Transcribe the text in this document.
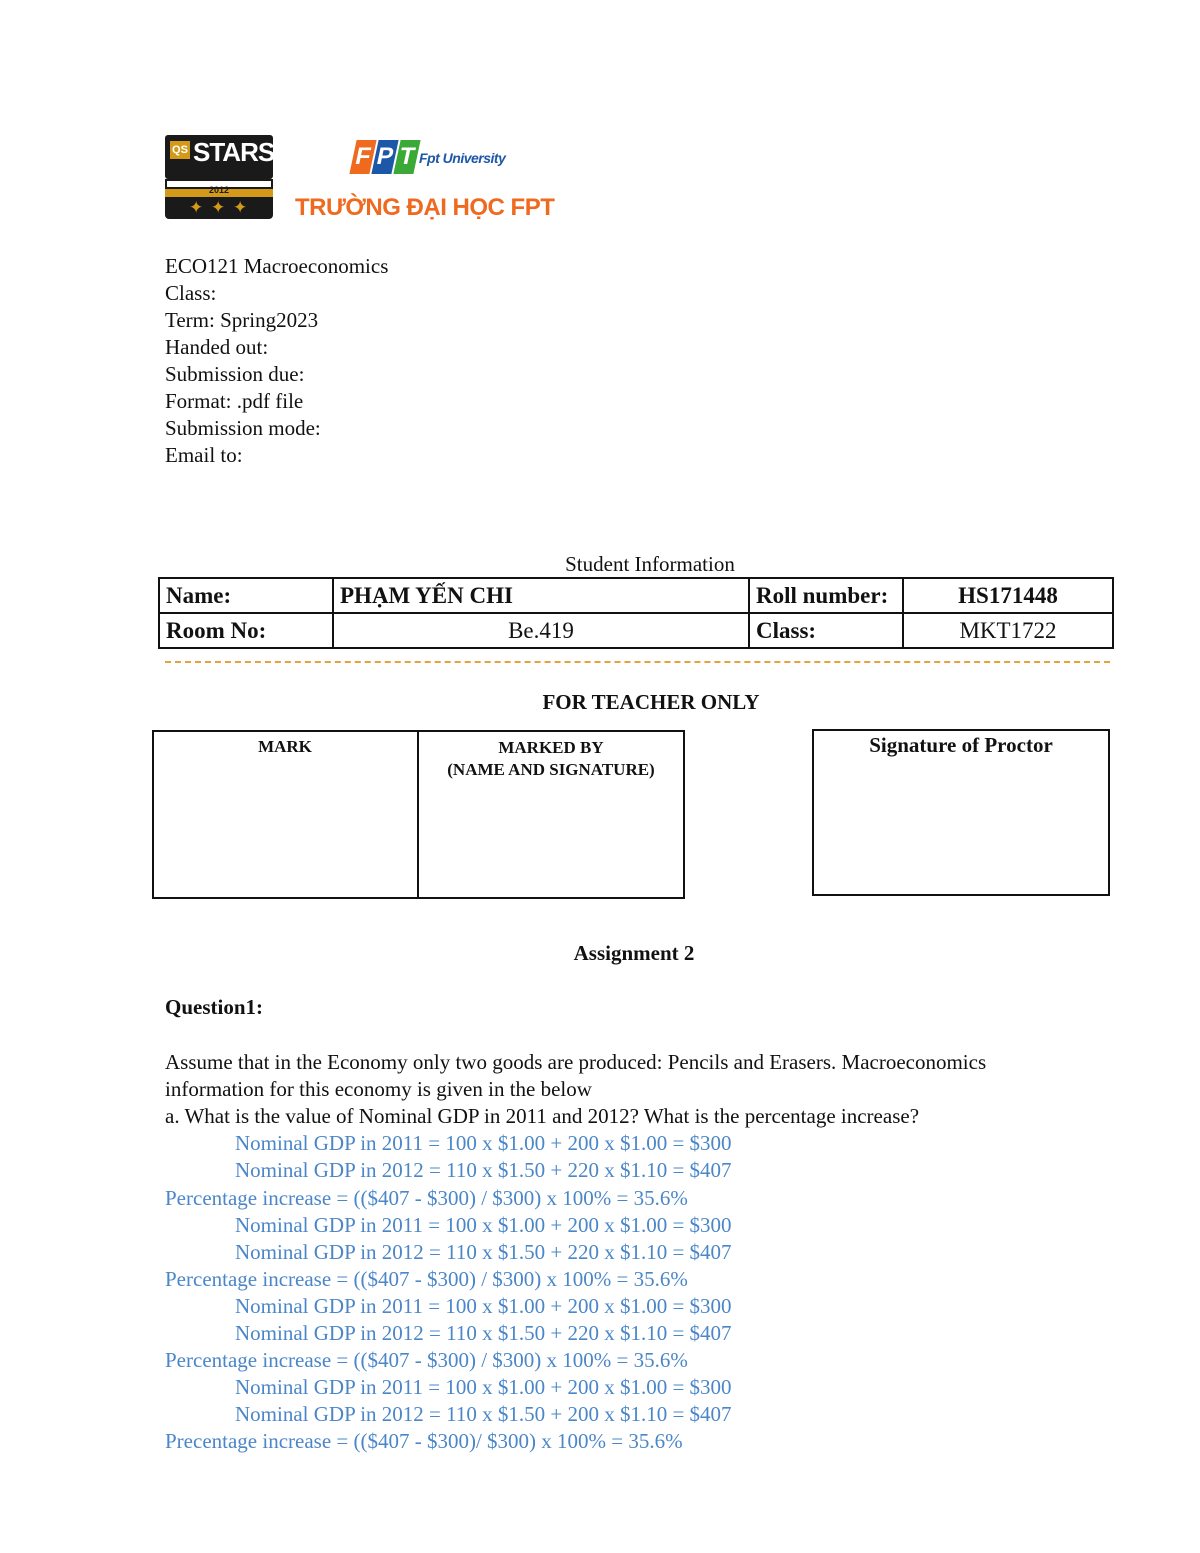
QS STARS
2012
✦ ✦ ✦
F P T Fpt University
TRƯỜNG ĐẠI HỌC FPT
ECO121 Macroeconomics
Class:
Term: Spring2023
Handed out:
Submission due:
Format: .pdf file
Submission mode:
Email to:
Student Information
Name:	PHẠM YẾN CHI	Roll number:	HS171448
Room No:	Be.419	Class:	MKT1722
FOR TEACHER ONLY
MARK	MARKED BY
(NAME AND SIGNATURE)
Signature of Proctor
Assignment 2
Question1:
Assume that in the Economy only two goods are produced: Pencils and Erasers. Macroeconomics
information for this economy is given in the below
a. What is the value of Nominal GDP in 2011 and 2012? What is the percentage increase?
Nominal GDP in 2011 = 100 x $1.00 + 200 x $1.00 = $300
Nominal GDP in 2012 = 110 x $1.50 + 220 x $1.10 = $407
Percentage increase = (($407 - $300) / $300) x 100% = 35.6%
Nominal GDP in 2011 = 100 x $1.00 + 200 x $1.00 = $300
Nominal GDP in 2012 = 110 x $1.50 + 220 x $1.10 = $407
Percentage increase = (($407 - $300) / $300) x 100% = 35.6%
Nominal GDP in 2011 = 100 x $1.00 + 200 x $1.00 = $300
Nominal GDP in 2012 = 110 x $1.50 + 220 x $1.10 = $407
Percentage increase = (($407 - $300) / $300) x 100% = 35.6%
Nominal GDP in 2011 = 100 x $1.00 + 200 x $1.00 = $300
Nominal GDP in 2012 = 110 x $1.50 + 200 x $1.10 = $407
Precentage increase = (($407 - $300)/ $300) x 100% = 35.6%
